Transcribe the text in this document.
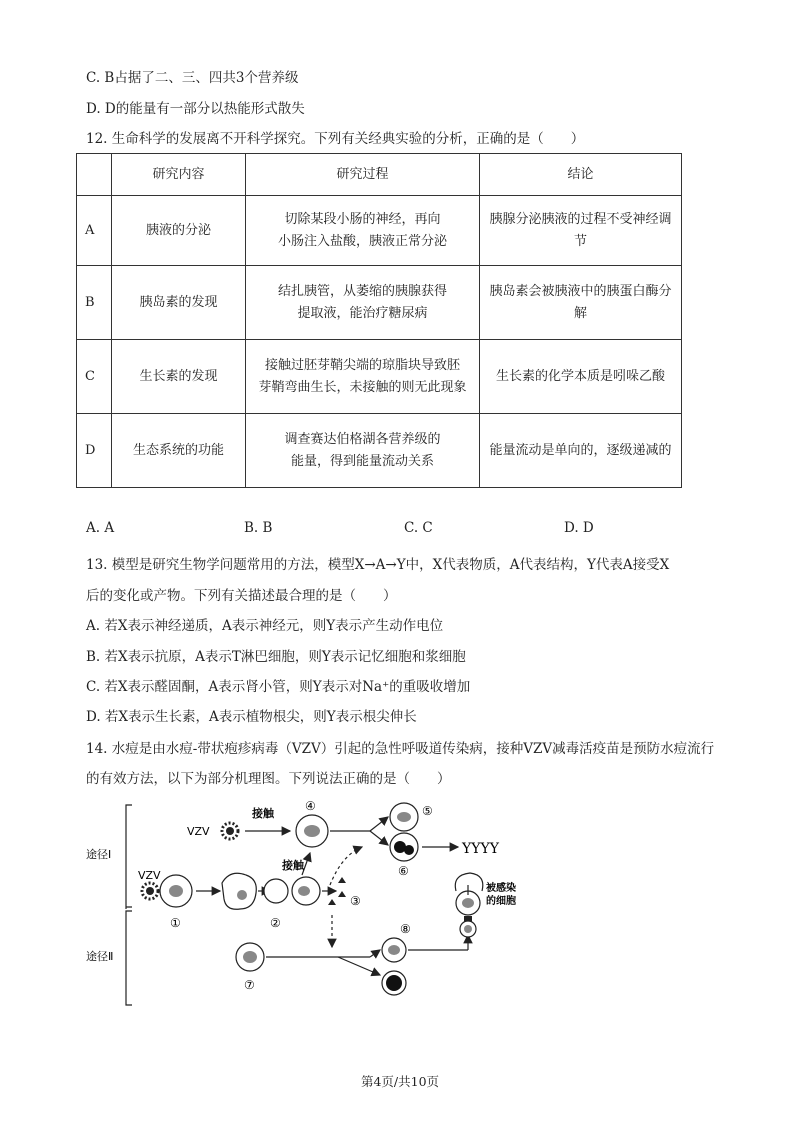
C. B占据了二、三、四共3个营养级
D. D的能量有一部分以热能形式散失
12. 生命科学的发展离不开科学探究。下列有关经典实验的分析，正确的是（　　）
	研究内容	研究过程	结论
A	胰液的分泌	切除某段小肠的神经，再向
小肠注入盐酸，胰液正常分泌	胰腺分泌胰液的过程不受神经调节
B	胰岛素的发现	结扎胰管，从萎缩的胰腺获得
提取液，能治疗糖尿病	胰岛素会被胰液中的胰蛋白酶分解
C	生长素的发现	接触过胚芽鞘尖端的琼脂块导致胚
芽鞘弯曲生长，未接触的则无此现象	生长素的化学本质是吲哚乙酸
D	生态系统的功能	调查赛达伯格湖各营养级的
能量，得到能量流动关系	能量流动是单向的，逐级递减的
A. A	B. B	C. C	D. D
13. 模型是研究生物学问题常用的方法，模型X→A→Y中，X代表物质，A代表结构，Y代表A接受X
后的变化或产物。下列有关描述最合理的是（　　）
A. 若X表示神经递质，A表示神经元，则Y表示产生动作电位
B. 若X表示抗原，A表示T淋巴细胞，则Y表示记忆细胞和浆细胞
C. 若X表示醛固酮，A表示肾小管，则Y表示对Na⁺的重吸收增加
D. 若X表示生长素，A表示植物根尖，则Y表示根尖伸长
14. 水痘是由水痘-带状疱疹病毒（VZV）引起的急性呼吸道传染病，接种VZV减毒活疫苗是预防水痘流行
的有效方法，以下为部分机理图。下列说法正确的是（　　）
途径Ⅰ
途径Ⅱ
VZV
接触
④	⑤
⑥
YYYY
VZV
①	②
接触
③
⑦
⑧
被感染
的细胞
第4页/共10页
